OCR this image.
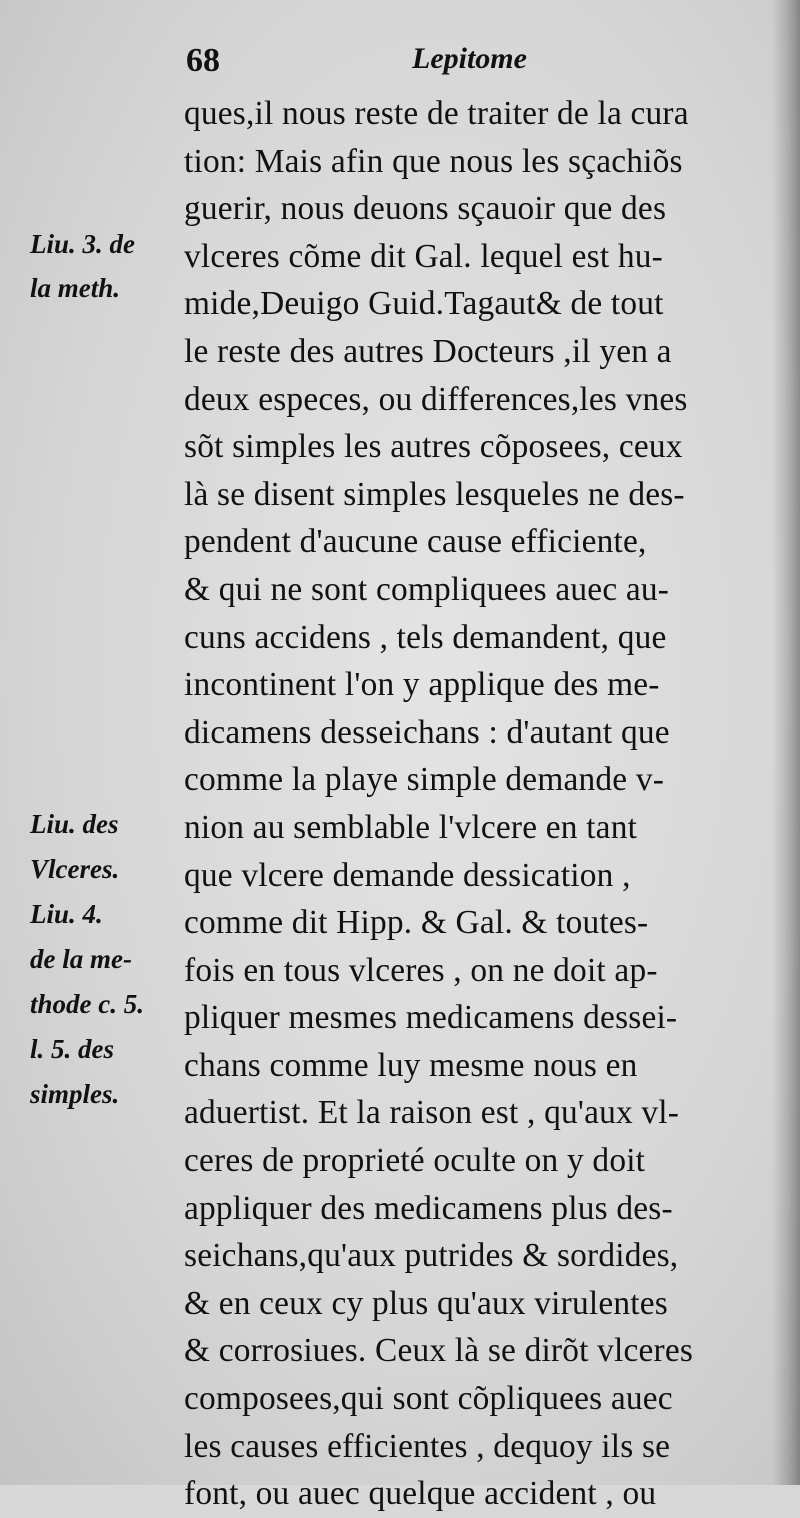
68	Lepitome
ques,il nous reste de traiter de la cura
tion: Mais afin que nous les sçachiõs
guerir, nous deuons sçauoir que des
vlceres cõme dit Gal. lequel est hu-
mide,Deuigo Guid.Tagaut& de tout
le reste des autres Docteurs ,il yen a
deux especes, ou differences,les vnes
sõt simples les autres cõposees, ceux
là se disent simples lesqueles ne des-
pendent d'aucune cause efficiente,
& qui ne sont compliquees auec au-
cuns accidens , tels demandent, que
incontinent l'on y applique des me-
dicamens desseichans : d'autant que
comme la playe simple demande v-
nion au semblable l'vlcere en tant
que vlcere demande dessication ,
comme dit Hipp. & Gal. & toutes-
fois en tous vlceres , on ne doit ap-
pliquer mesmes medicamens dessei-
chans comme luy mesme nous en
aduertist. Et la raison est , qu'aux vl-
ceres de proprieté oculte on y doit
appliquer des medicamens plus des-
seichans,qu'aux putrides & sordides,
& en ceux cy plus qu'aux virulentes
& corrosiues. Ceux là se dirõt vlceres
composees,qui sont cõpliquees auec
les causes efficientes , dequoy ils se
font, ou auec quelque accident , ou
Liu. 3. de
la meth.
Liu. des
Vlceres.
Liu. 4.
de la me-
thode c. 5.
l. 5. des
simples.
